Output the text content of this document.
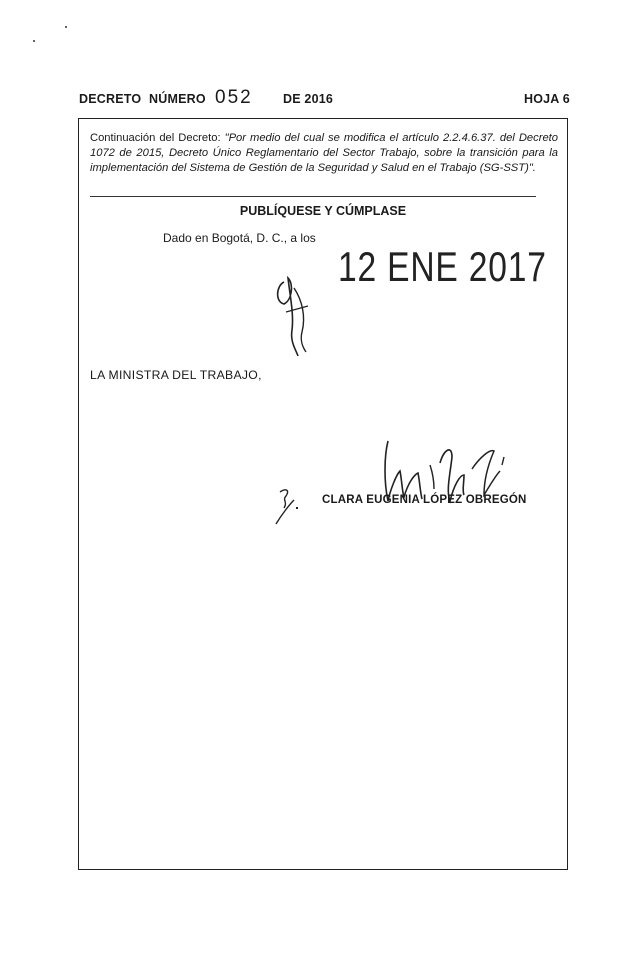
DECRETO NÚMERO 052 DE 2016	HOJA 6
Continuación del Decreto: "Por medio del cual se modifica el artículo 2.2.4.6.37. del Decreto 1072 de 2015, Decreto Único Reglamentario del Sector Trabajo, sobre la transición para la implementación del Sistema de Gestión de la Seguridad y Salud en el Trabajo (SG-SST)".
PUBLÍQUESE Y CÚMPLASE
Dado en Bogotá, D. C., a los
12 ENE 2017
LA MINISTRA DEL TRABAJO,
CLARA EUGENIA LÓPEZ OBREGÓN
